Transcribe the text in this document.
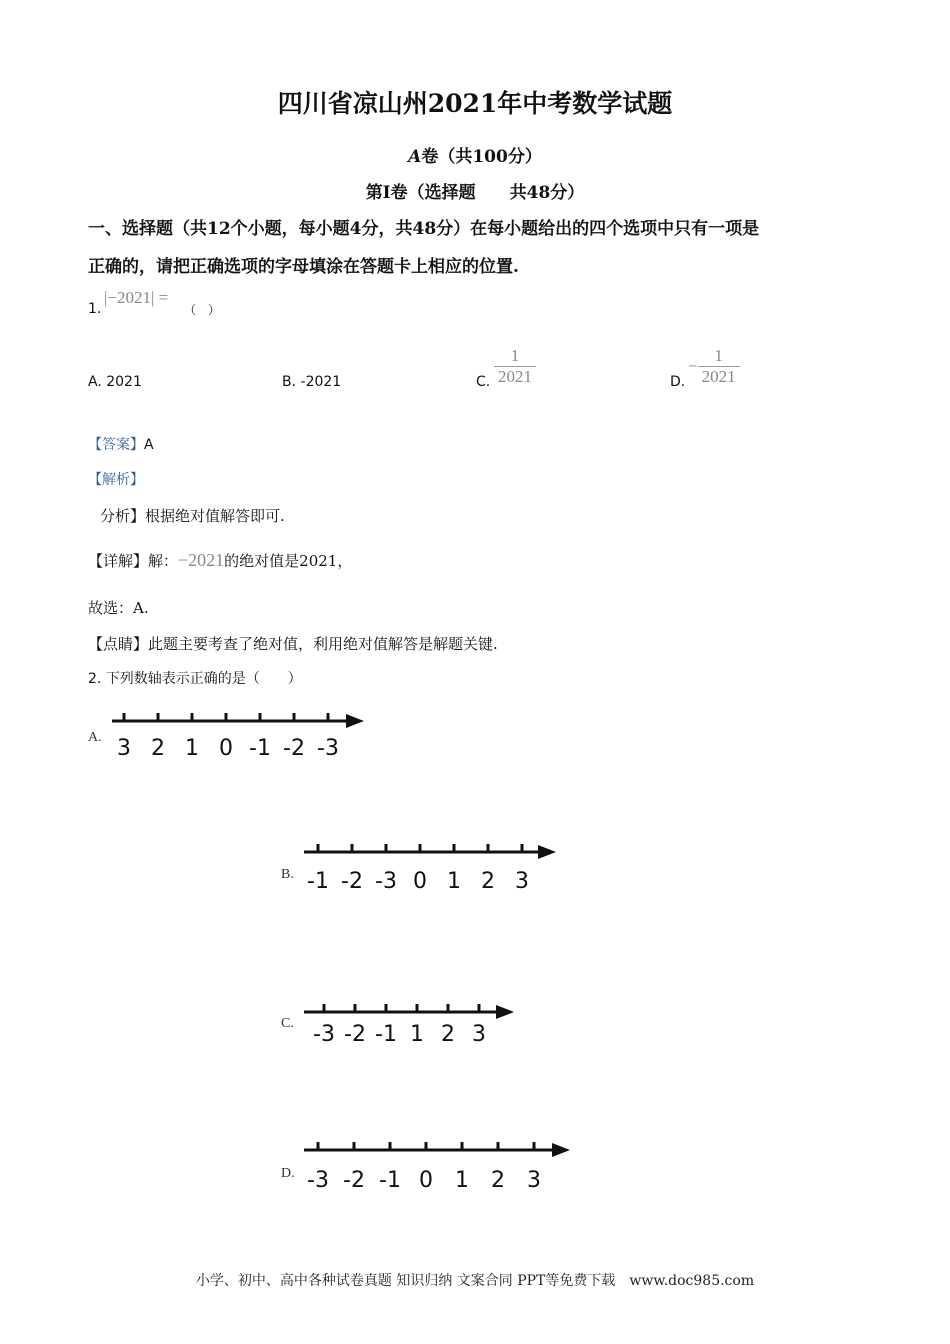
四川省凉山州2021年中考数学试题
A卷（共100分）
第I卷（选择题　　共48分）
一、选择题（共12个小题，每小题4分，共48分）在每小题给出的四个选项中只有一项是
正确的，请把正确选项的字母填涂在答题卡上相应的位置.
1.
|−2021| =
（　）
A. 2021	B. -2021	C. $\frac{1}{2021}$	D.
− $\frac{1}{2021}$
【答案】A
【解析】
分析】根据绝对值解答即可.
【详解】解：−2021的绝对值是2021，
故选：A.
【点睛】此题主要考查了绝对值，利用绝对值解答是解题关键.
2. 下列数轴表示正确的是（　　）
A. 3 2 1 0 -1 -2 -3
B. -1 -2 -3 0 1 2 3
C. -3 -2 -1 1 2 3
D. -3 -2 -1 0 1 2 3
小学、初中、高中各种试卷真题 知识归纳 文案合同 PPT等免费下载　www.doc985.com
